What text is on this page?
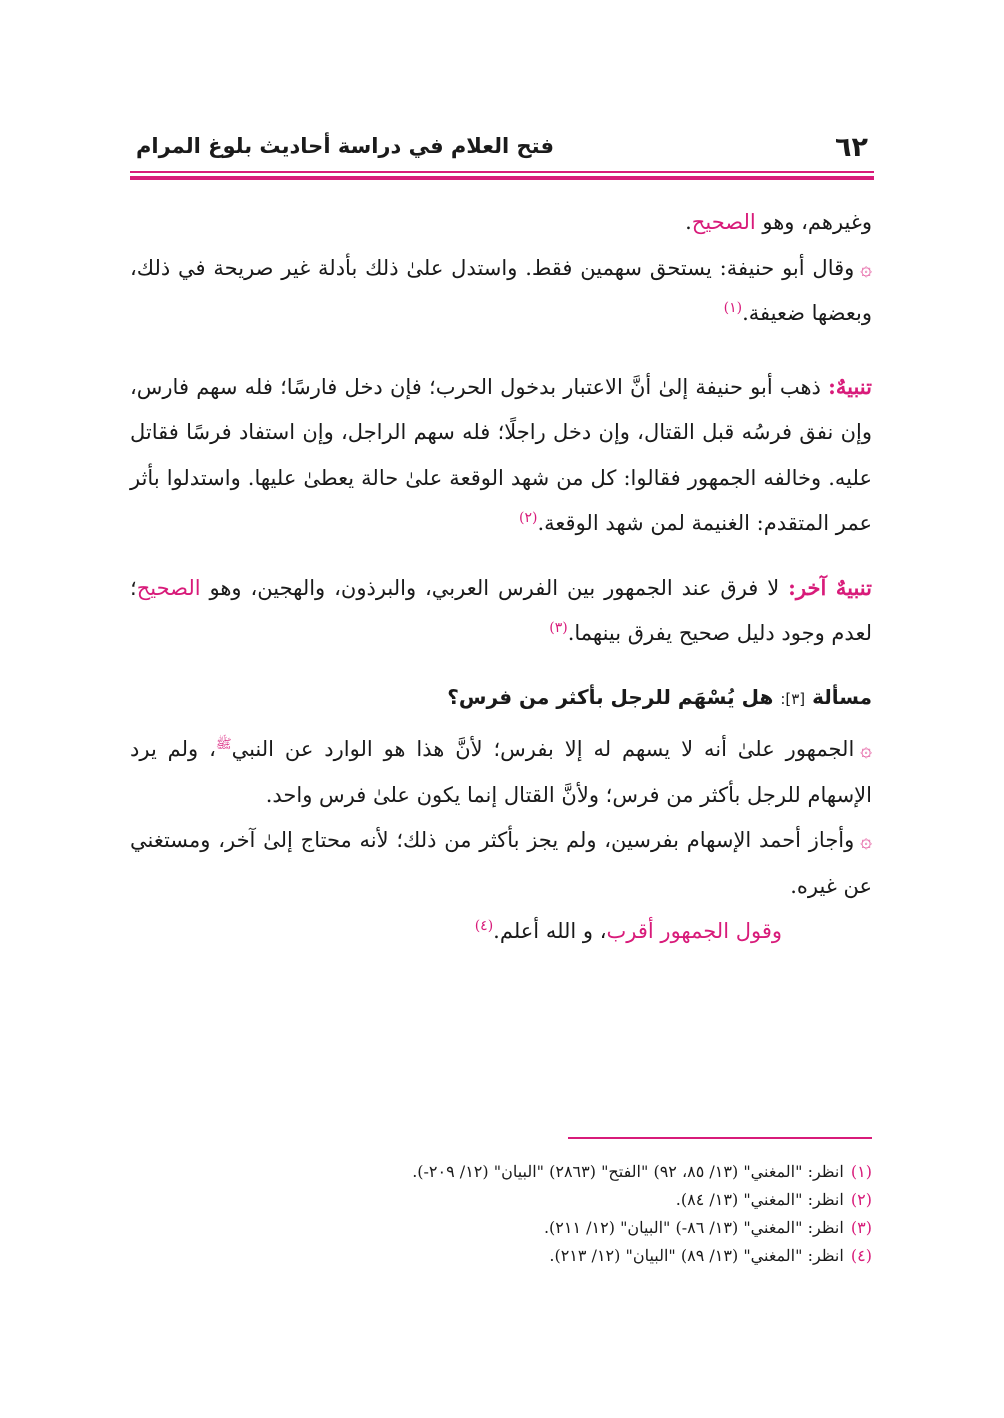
٦٢
فتح العلام في دراسة أحاديث بلوغ المرام

وغيرهم، وهو الصحيح.

۞وقال أبو حنيفة: يستحق سهمين فقط. واستدل علىٰ ذلك بأدلة غير صريحة في ذلك، وبعضها ضعيفة.$^{(١)}$

تنبيهٌ: ذهب أبو حنيفة إلىٰ أنَّ الاعتبار بدخول الحرب؛ فإن دخل فارسًا؛ فله سهم فارس، وإن نفق فرسُه قبل القتال، وإن دخل راجلًا؛ فله سهم الراجل، وإن استفاد فرسًا فقاتل عليه. وخالفه الجمهور فقالوا: كل من شهد الوقعة علىٰ حالة يعطىٰ عليها. واستدلوا بأثر عمر المتقدم: الغنيمة لمن شهد الوقعة.$^{(٢)}$

تنبيهٌ آخر: لا فرق عند الجمهور بين الفرس العربي، والبرذون، والهجين، وهو الصحيح؛ لعدم وجود دليل صحيح يفرق بينهما.$^{(٣)}$

مسألة [٣]: هل يُسْهَم للرجل بأكثر من فرس؟

۞الجمهور علىٰ أنه لا يسهم له إلا بفرس؛ لأنَّ هذا هو الوارد عن النبي$^ﷺ$، ولم يرد الإسهام للرجل بأكثر من فرس؛ ولأنَّ القتال إنما يكون علىٰ فرس واحد.

۞وأجاز أحمد الإسهام بفرسين، ولم يجز بأكثر من ذلك؛ لأنه محتاج إلىٰ آخر، ومستغني عن غيره.

وقول الجمهور أقرب، و الله أعلم.$^{(٤)}$

(١) انظر: "المغني" (١٣/ ٨٥، ٩٢) "الفتح" (٢٨٦٣) "البيان" (١٢/ ٢٠٩-).
(٢) انظر: "المغني" (١٣/ ٨٤).
(٣) انظر: "المغني" (١٣/ ٨٦-) "البيان" (١٢/ ٢١١).
(٤) انظر: "المغني" (١٣/ ٨٩) "البيان" (١٢/ ٢١٣).
